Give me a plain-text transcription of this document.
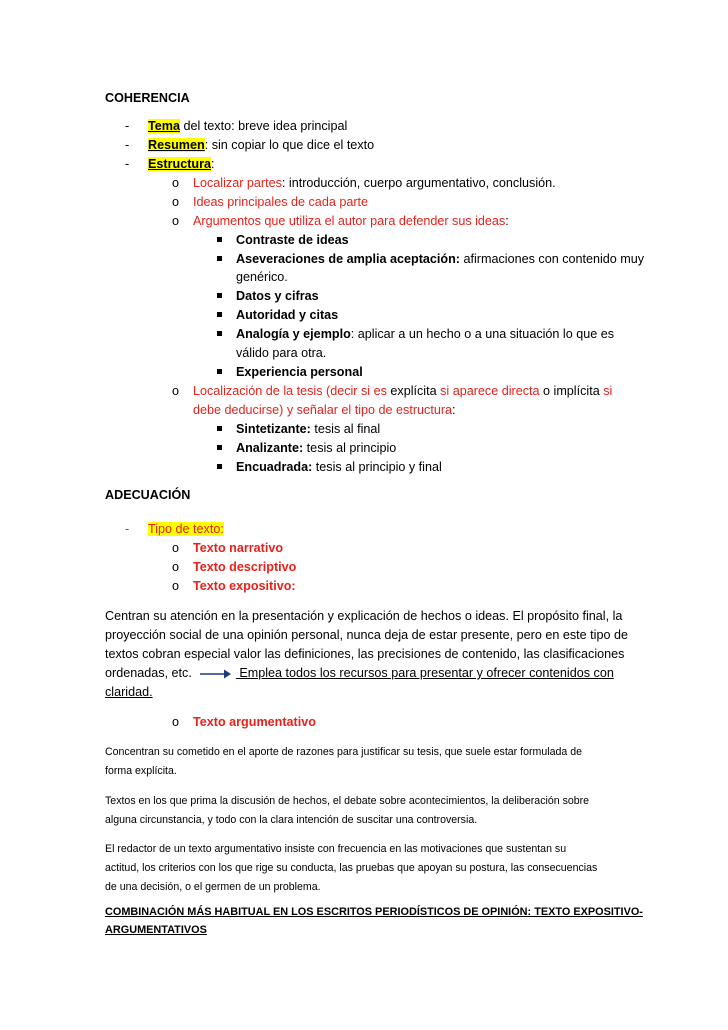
COHERENCIA
- Tema del texto: breve idea principal
- Resumen: sin copiar lo que dice el texto
- Estructura:
o Localizar partes: introducción, cuerpo argumentativo, conclusión.
o Ideas principales de cada parte
o Argumentos que utiliza el autor para defender sus ideas:
Contraste de ideas
Aseveraciones de amplia aceptación: afirmaciones con contenido muy
genérico.
Datos y cifras
Autoridad y citas
Analogía y ejemplo: aplicar a un hecho o a una situación lo que es
válido para otra.
Experiencia personal
o Localización de la tesis (decir si es explícita si aparece directa o implícita si
debe deducirse) y señalar el tipo de estructura:
Sintetizante: tesis al final
Analizante: tesis al principio
Encuadrada: tesis al principio y final
ADECUACIÓN
- Tipo de texto:
o Texto narrativo
o Texto descriptivo
o Texto expositivo:
Centran su atención en la presentación y explicación de hechos o ideas. El propósito final, la
proyección social de una opinión personal, nunca deja de estar presente, pero en este tipo de
textos cobran especial valor las definiciones, las precisiones de contenido, las clasificaciones
ordenadas, etc.	Emplea todos los recursos para presentar y ofrecer contenidos con
claridad.
o Texto argumentativo
Concentran su cometido en el aporte de razones para justificar su tesis, que suele estar formulada de
forma explícita.
Textos en los que prima la discusión de hechos, el debate sobre acontecimientos, la deliberación sobre
alguna circunstancia, y todo con la clara intención de suscitar una controversia.
El redactor de un texto argumentativo insiste con frecuencia en las motivaciones que sustentan su
actitud, los criterios con los que rige su conducta, las pruebas que apoyan su postura, las consecuencias
de una decisión, o el germen de un problema.
COMBINACIÓN MÁS HABITUAL EN LOS ESCRITOS PERIODÍSTICOS DE OPINIÓN: TEXTO EXPOSITIVO-
ARGUMENTATIVOS
